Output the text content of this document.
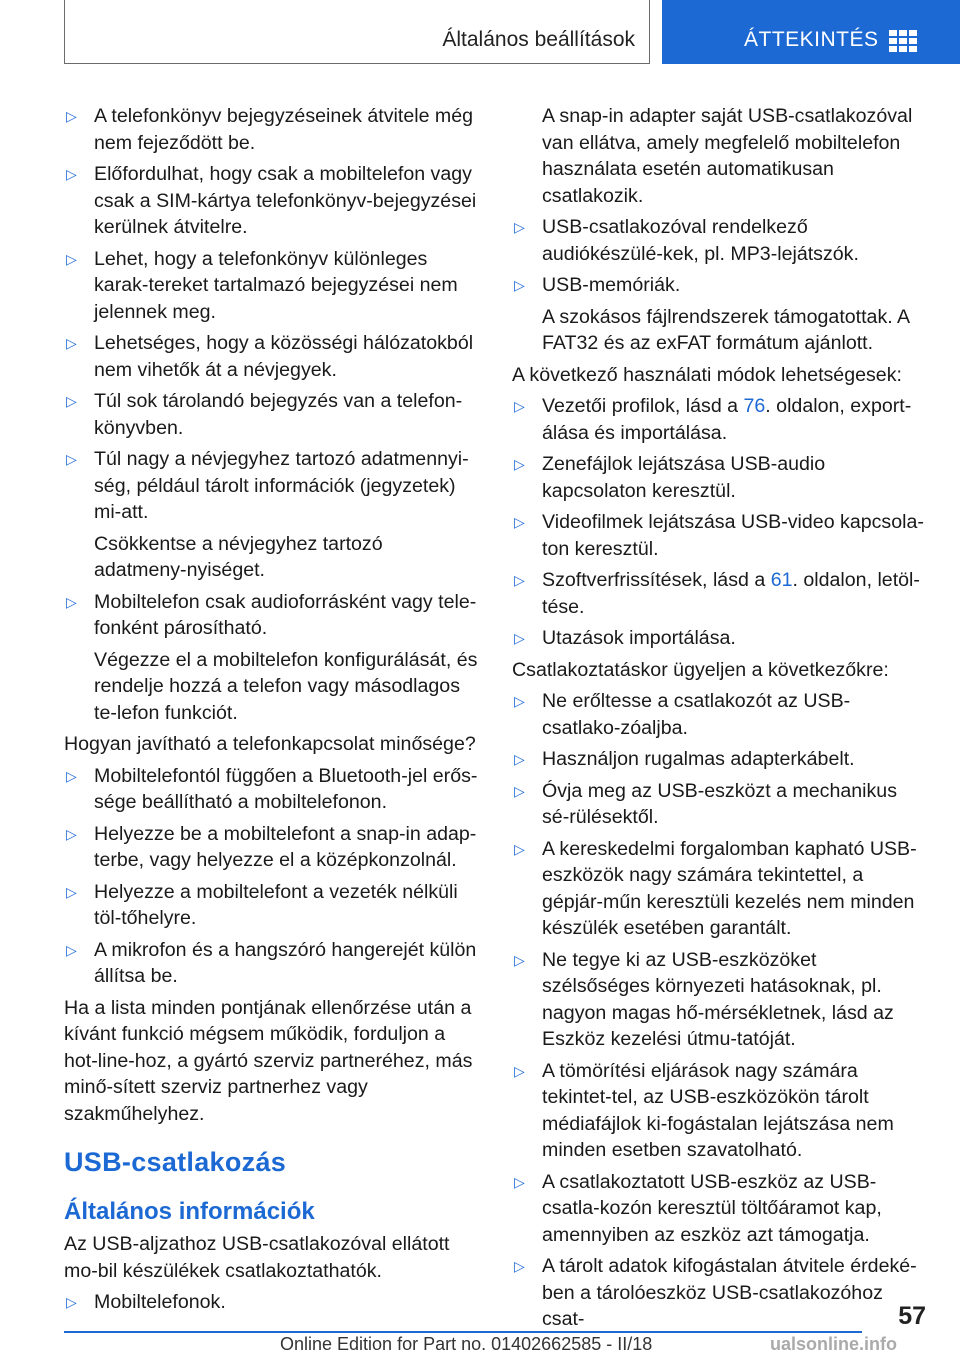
Általános beállítások	ÁTTEKINTÉS
▷ A telefonkönyv bejegyzéseinek átvitele még nem fejeződött be.
▷ Előfordulhat, hogy csak a mobiltelefon vagy csak a SIM-kártya telefonkönyv-bejegyzései kerülnek átvitelre.
▷ Lehet, hogy a telefonkönyv különleges karak-tereket tartalmazó bejegyzései nem jelennek meg.
▷ Lehetséges, hogy a közösségi hálózatokból nem vihetők át a névjegyek.
▷ Túl sok tárolandó bejegyzés van a telefon-könyvben.
▷ Túl nagy a névjegyhez tartozó adatmennyi-ség, például tárolt információk (jegyzetek) mi-att.
Csökkentse a névjegyhez tartozó adatmeny-nyiséget.
▷ Mobiltelefon csak audioforrásként vagy tele-fonként párosítható.
Végezze el a mobiltelefon konfigurálását, és rendelje hozzá a telefon vagy másodlagos te-lefon funkciót.
Hogyan javítható a telefonkapcsolat minősége?
▷ Mobiltelefontól függően a Bluetooth-jel erős-sége beállítható a mobiltelefonon.
▷ Helyezze be a mobiltelefont a snap-in adap-terbe, vagy helyezze el a középkonzolnál.
▷ Helyezze a mobiltelefont a vezeték nélküli töl-tőhelyre.
▷ A mikrofon és a hangszóró hangerejét külön állítsa be.
Ha a lista minden pontjának ellenőrzése után a kívánt funkció mégsem működik, forduljon a hot-line-hoz, a gyártó szerviz partneréhez, más minő-sített szerviz partnerhez vagy szakműhelyhez.
USB-csatlakozás
Általános információk
Az USB-aljzathoz USB-csatlakozóval ellátott mo-bil készülékek csatlakoztathatók.
▷ Mobiltelefonok.
A snap-in adapter saját USB-csatlakozóval van ellátva, amely megfelelő mobiltelefon használata esetén automatikusan csatlakozik.
▷ USB-csatlakozóval rendelkező audiókészülé-kek, pl. MP3-lejátszók.
▷ USB-memóriák.
A szokásos fájlrendszerek támogatottak. A FAT32 és az exFAT formátum ajánlott.
A következő használati módok lehetségesek:
▷ Vezetői profilok, lásd a 76. oldalon, export-álása és importálása.
▷ Zenefájlok lejátszása USB-audio kapcsolaton keresztül.
▷ Videofilmek lejátszása USB-video kapcsola-ton keresztül.
▷ Szoftverfrissítések, lásd a 61. oldalon, letöl-tése.
▷ Utazások importálása.
Csatlakoztatáskor ügyeljen a következőkre:
▷ Ne erőltesse a csatlakozót az USB-csatlako-zóaljba.
▷ Használjon rugalmas adapterkábelt.
▷ Óvja meg az USB-eszközt a mechanikus sé-rülésektől.
▷ A kereskedelmi forgalomban kapható USB-eszközök nagy számára tekintettel, a gépjár-műn keresztüli kezelés nem minden készülék esetében garantált.
▷ Ne tegye ki az USB-eszközöket szélsőséges környezeti hatásoknak, pl. nagyon magas hő-mérsékletnek, lásd az Eszköz kezelési útmu-tatóját.
▷ A tömörítési eljárások nagy számára tekintet-tel, az USB-eszközökön tárolt médiafájlok ki-fogástalan lejátszása nem minden esetben szavatolható.
▷ A csatlakoztatott USB-eszköz az USB-csatla-kozón keresztül töltőáramot kap, amennyiben az eszköz azt támogatja.
▷ A tárolt adatok kifogástalan átvitele érdeké-ben a tárolóeszköz USB-csatlakozóhoz csat-	57
Online Edition for Part no. 01402662585 - II/18	ualsonline.info
